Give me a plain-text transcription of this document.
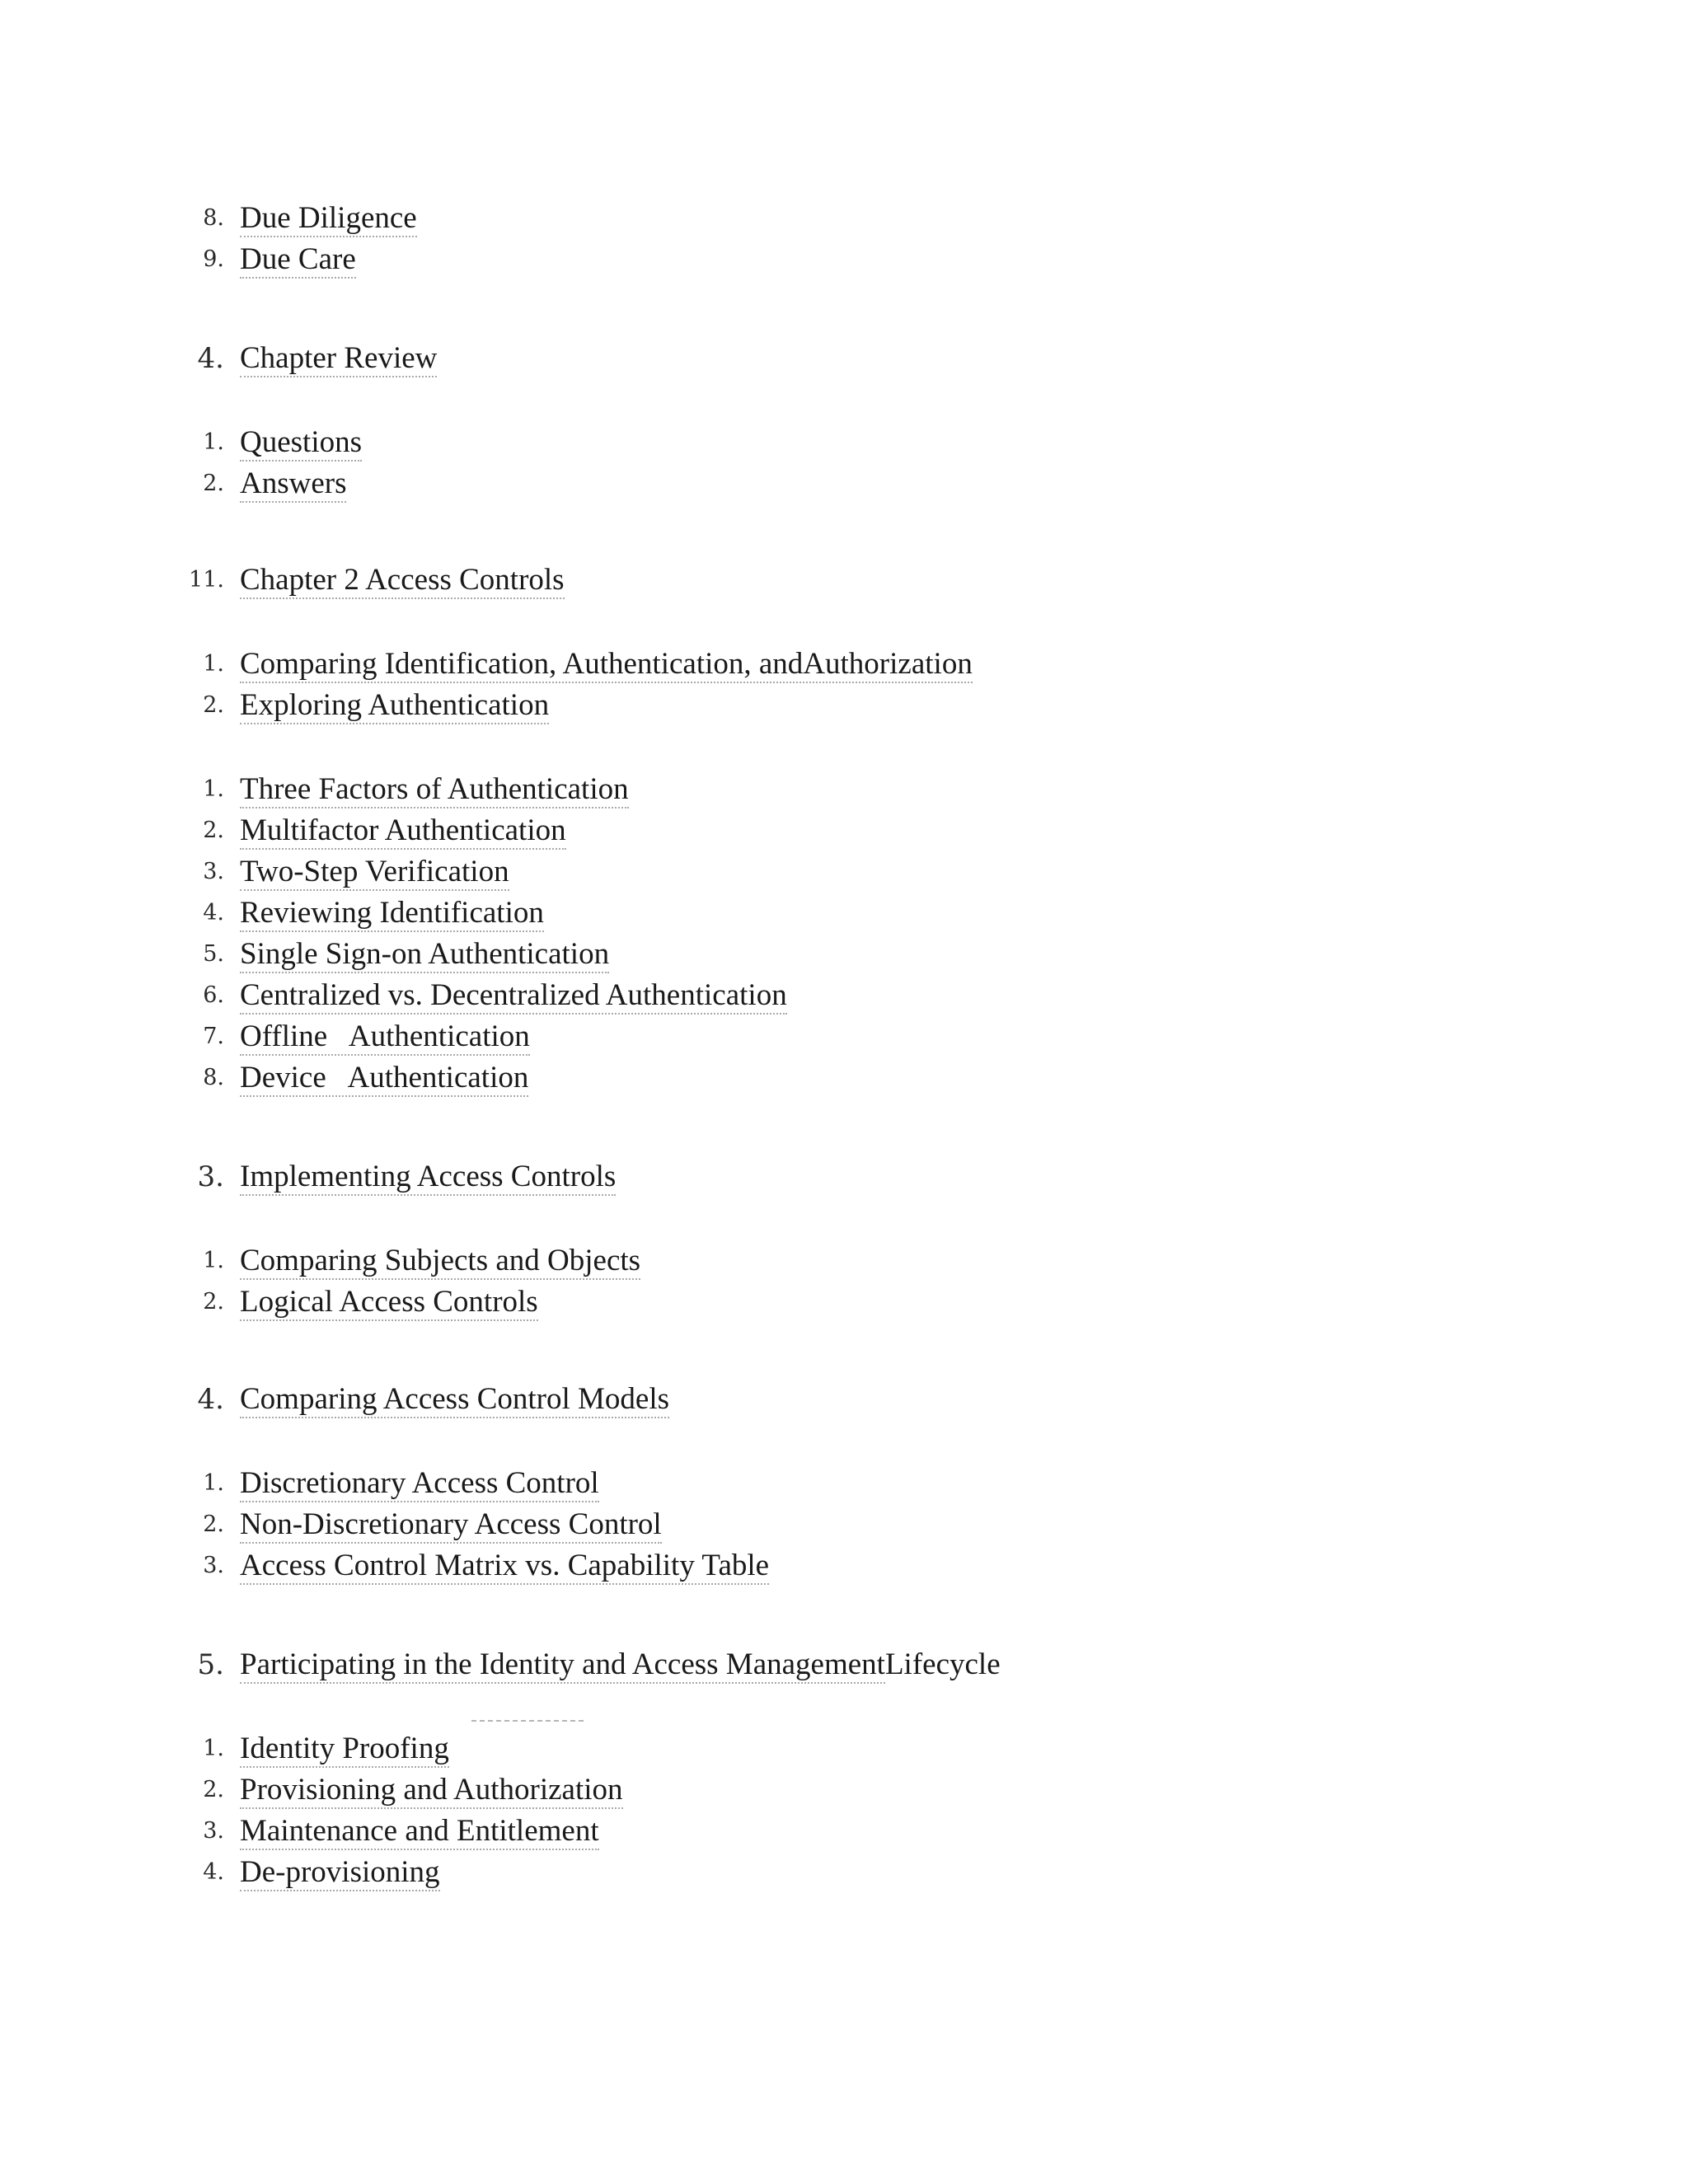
8. Due Diligence
9. Due Care
4. Chapter Review
1. Questions
2. Answers
11. Chapter 2 Access Controls
1. Comparing Identification, Authentication, andAuthorization
2. Exploring Authentication
1. Three Factors of Authentication
2. Multifactor Authentication
3. Two-Step Verification
4. Reviewing Identification
5. Single Sign-on Authentication
6. Centralized vs. Decentralized Authentication
7. Offline   Authentication
8. Device   Authentication
3. Implementing Access Controls
1. Comparing Subjects and Objects
2. Logical Access Controls
4. Comparing Access Control Models
1. Discretionary Access Control
2. Non-Discretionary Access Control
3. Access Control Matrix vs. Capability Table
5. Participating in the Identity and Access ManagementLifecycle
1. Identity Proofing
2. Provisioning and Authorization
3. Maintenance and Entitlement
4. De-provisioning
